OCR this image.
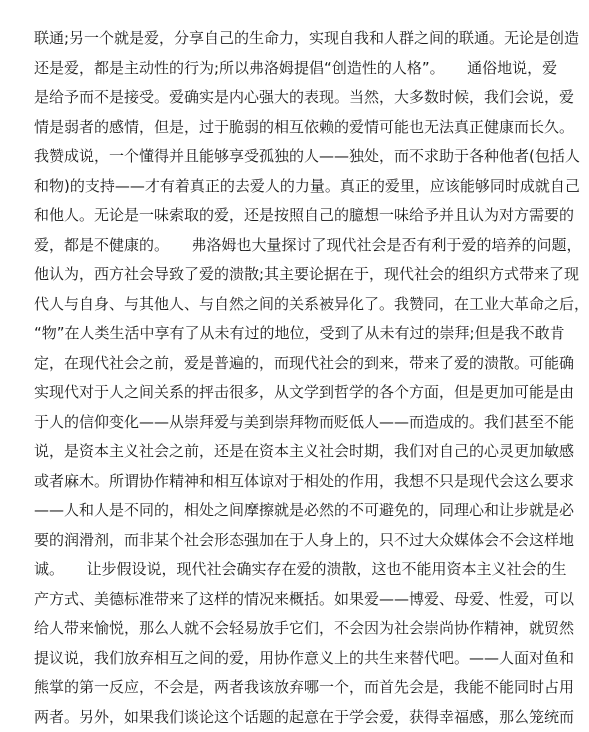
联通;另一个就是爱，分享自己的生命力，实现自我和人群之间的联通。无论是创造
还是爱，都是主动性的行为;所以弗洛姆提倡“创造性的人格”。　　通俗地说，爱
是给予而不是接受。爱确实是内心强大的表现。当然，大多数时候，我们会说，爱
情是弱者的感情，但是，过于脆弱的相互依赖的爱情可能也无法真正健康而长久。
我赞成说，一个懂得并且能够享受孤独的人——独处，而不求助于各种他者(包括人
和物)的支持——才有着真正的去爱人的力量。真正的爱里，应该能够同时成就自己
和他人。无论是一味索取的爱，还是按照自己的臆想一味给予并且认为对方需要的
爱，都是不健康的。　　弗洛姆也大量探讨了现代社会是否有利于爱的培养的问题，
他认为，西方社会导致了爱的溃散;其主要论据在于，现代社会的组织方式带来了现
代人与自身、与其他人、与自然之间的关系被异化了。我赞同，在工业大革命之后，
“物”在人类生活中享有了从未有过的地位，受到了从未有过的崇拜;但是我不敢肯
定，在现代社会之前，爱是普遍的，而现代社会的到来，带来了爱的溃散。可能确
实现代对于人之间关系的抨击很多，从文学到哲学的各个方面，但是更加可能是由
于人的信仰变化——从崇拜爱与美到崇拜物而贬低人——而造成的。我们甚至不能
说，是资本主义社会之前，还是在资本主义社会时期，我们对自己的心灵更加敏感
或者麻木。所谓协作精神和相互体谅对于相处的作用，我想不只是现代会这么要求
——人和人是不同的，相处之间摩擦就是必然的不可避免的，同理心和让步就是必
要的润滑剂，而非某个社会形态强加在于人身上的，只不过大众媒体会不会这样地
诚。　　让步假设说，现代社会确实存在爱的溃散，这也不能用资本主义社会的生
产方式、美德标准带来了这样的情况来概括。如果爱——博爱、母爱、性爱，可以
给人带来愉悦，那么人就不会轻易放手它们，不会因为社会崇尚协作精神，就贸然
提议说，我们放弃相互之间的爱，用协作意义上的共生来替代吧。——人面对鱼和
熊掌的第一反应，不会是，两者我该放弃哪一个，而首先会是，我能不能同时占用
两者。另外，如果我们谈论这个话题的起意在于学会爱，获得幸福感，那么笼统而
